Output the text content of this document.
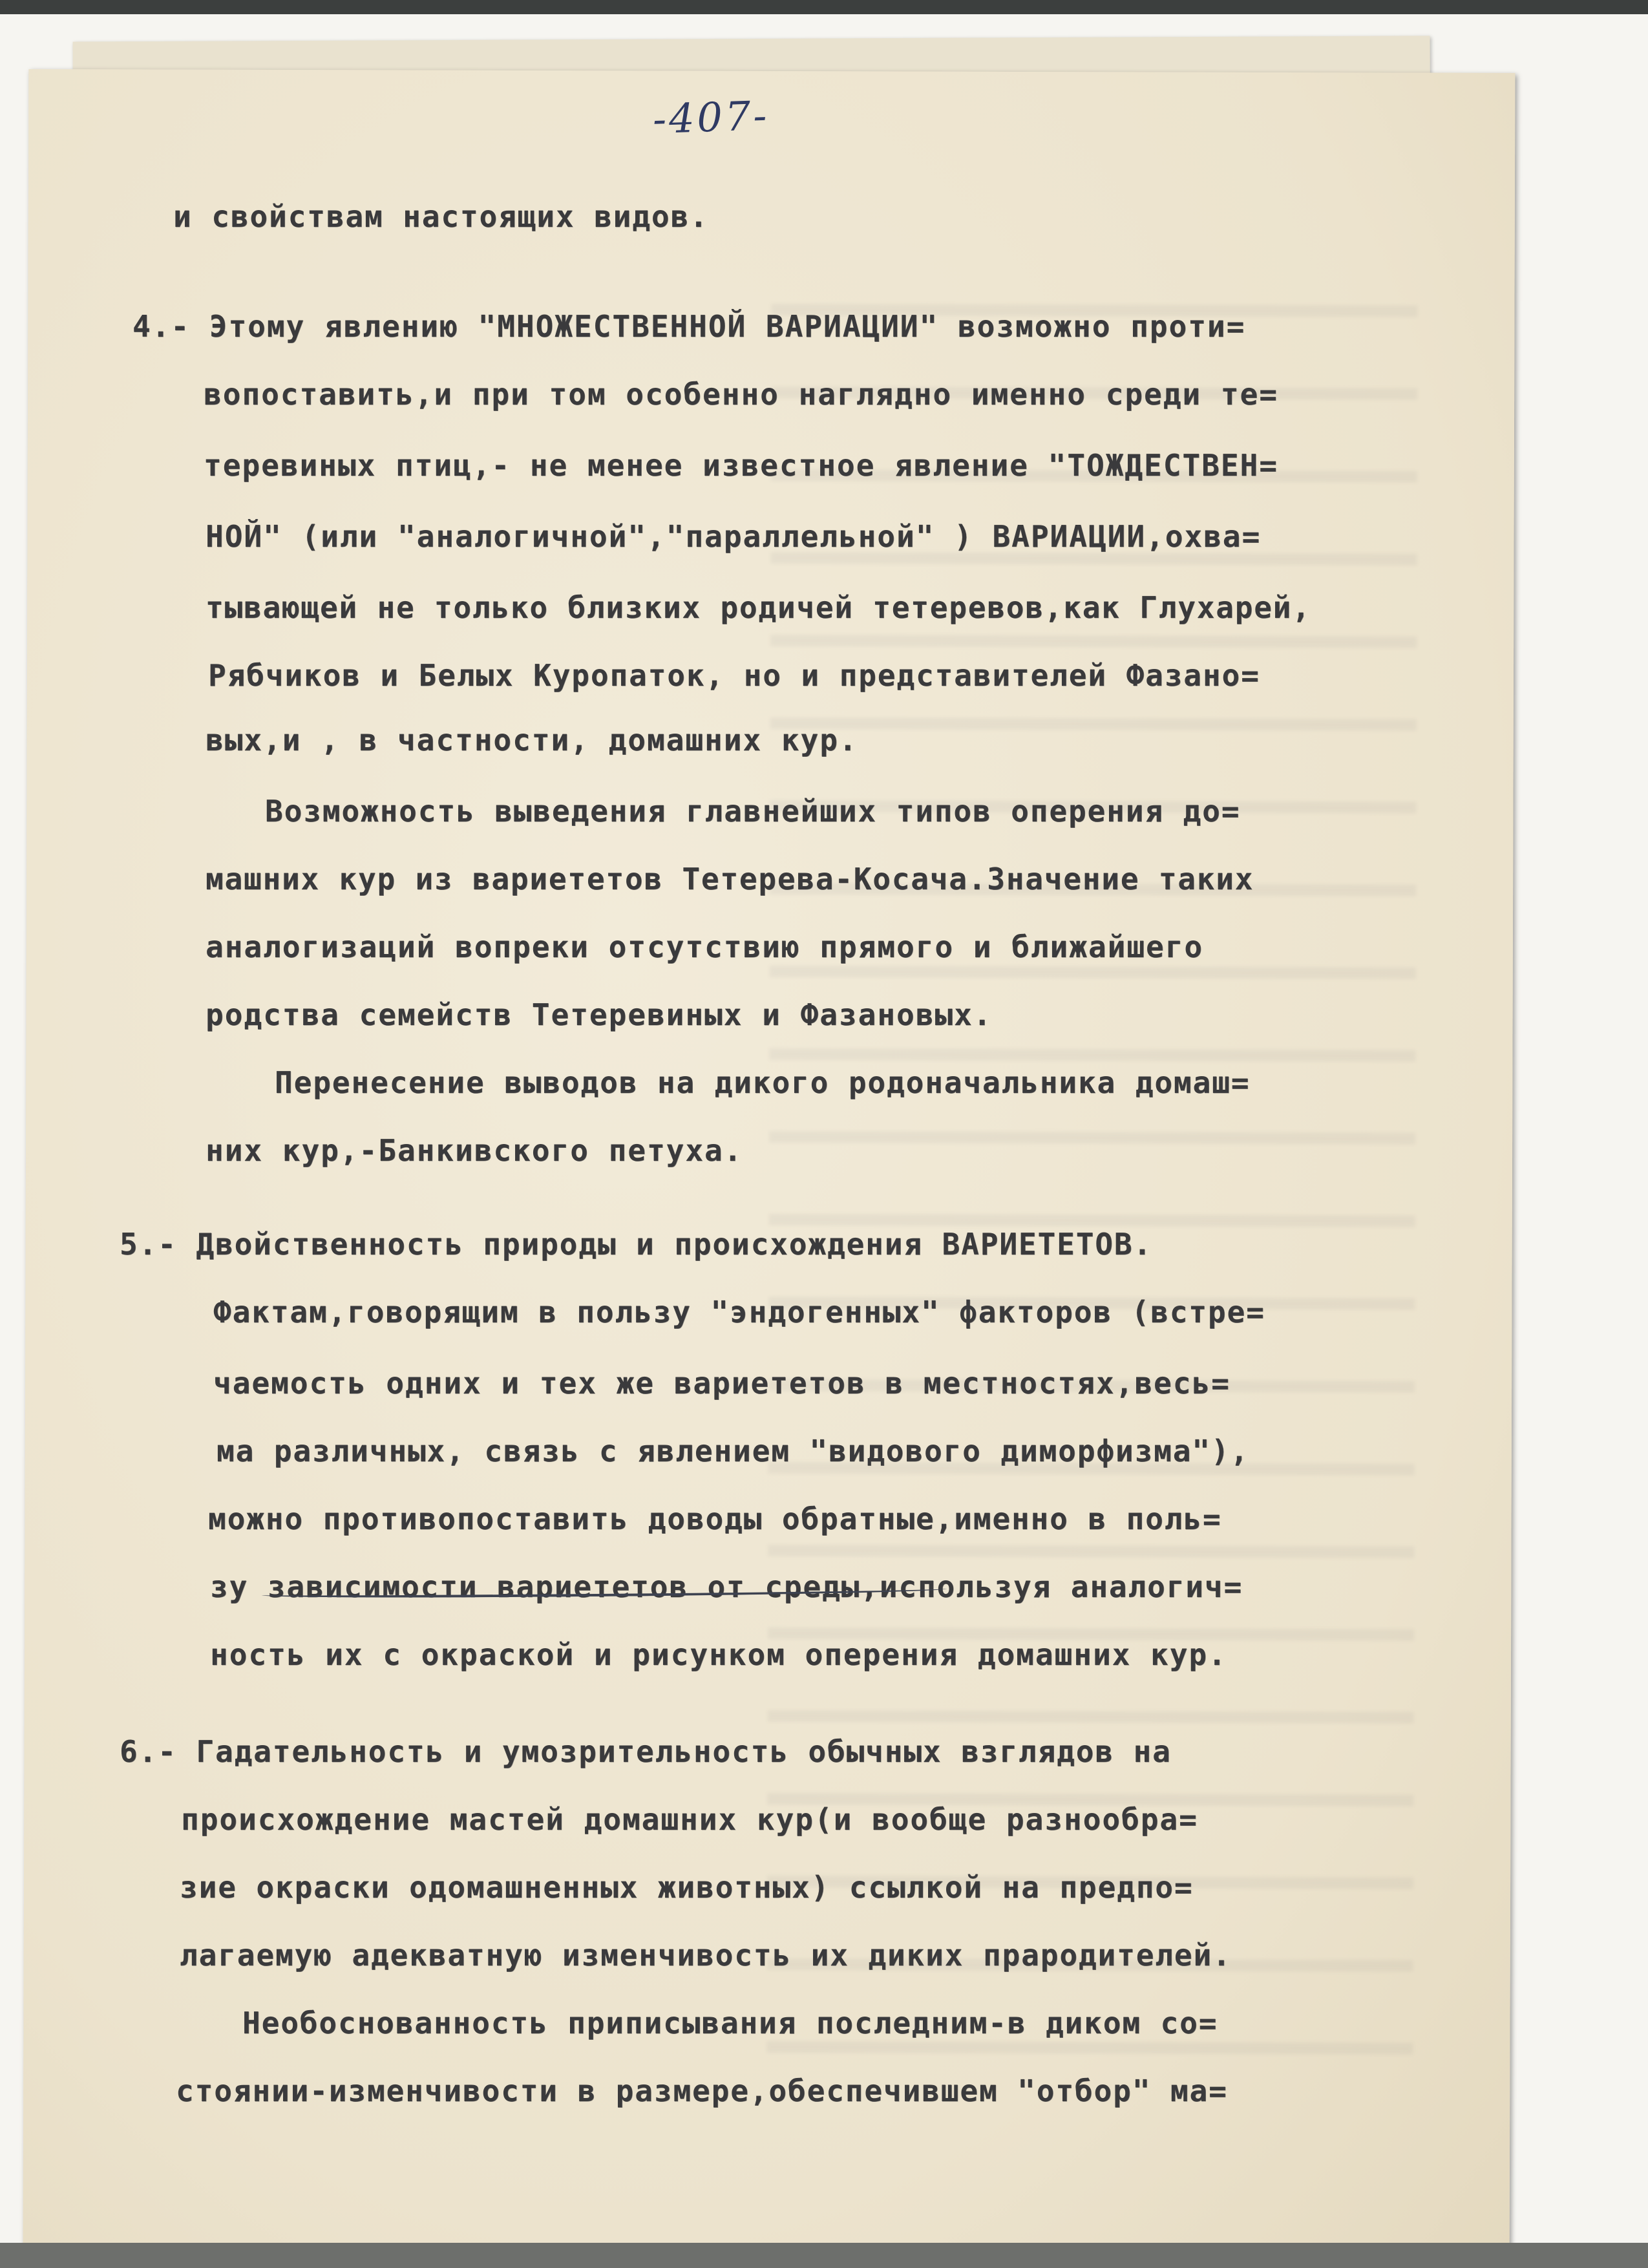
-407-
и свойствам настоящих видов.
4.- Этому явлению "МНОЖЕСТВЕННОЙ ВАРИАЦИИ" возможно проти=
вопоставить,и при том особенно наглядно именно среди те=
теревиных птиц,- не менее известное явление "ТОЖДЕСТВЕН=
НОЙ" (или "аналогичной","параллельной" ) ВАРИАЦИИ,охва=
тывающей не только близких родичей тетеревов,как Глухарей,
Рябчиков и Белых Куропаток, но и представителей Фазано=
вых,и , в частности, домашних кур.
Возможность выведения главнейших типов оперения до=
машних кур из вариететов Тетерева-Косача.Значение таких
аналогизаций вопреки отсутствию прямого и ближайшего
родства семейств Тетеревиных и Фазановых.
Перенесение выводов на дикого родоначальника домаш=
них кур,-Банкивского петуха.
5.- Двойственность природы и происхождения ВАРИЕТЕТОВ.
Фактам,говорящим в пользу "эндогенных" факторов (встре=
чаемость одних и тех же вариететов в местностях,весь=
ма различных, связь с явлением "видового диморфизма"),
можно противопоставить доводы обратные,именно в поль=
зу зависимости вариететов от среды,используя аналогич=
ность их с окраской и рисунком оперения домашних кур.
6.- Гадательность и умозрительность обычных взглядов на
происхождение мастей домашних кур(и вообще разнообра=
зие окраски одомашненных животных) ссылкой на предпо=
лагаемую адекватную изменчивость их диких прародителей.
Необоснованность приписывания последним-в диком со=
стоянии-изменчивости в размере,обеспечившем "отбор" ма=
